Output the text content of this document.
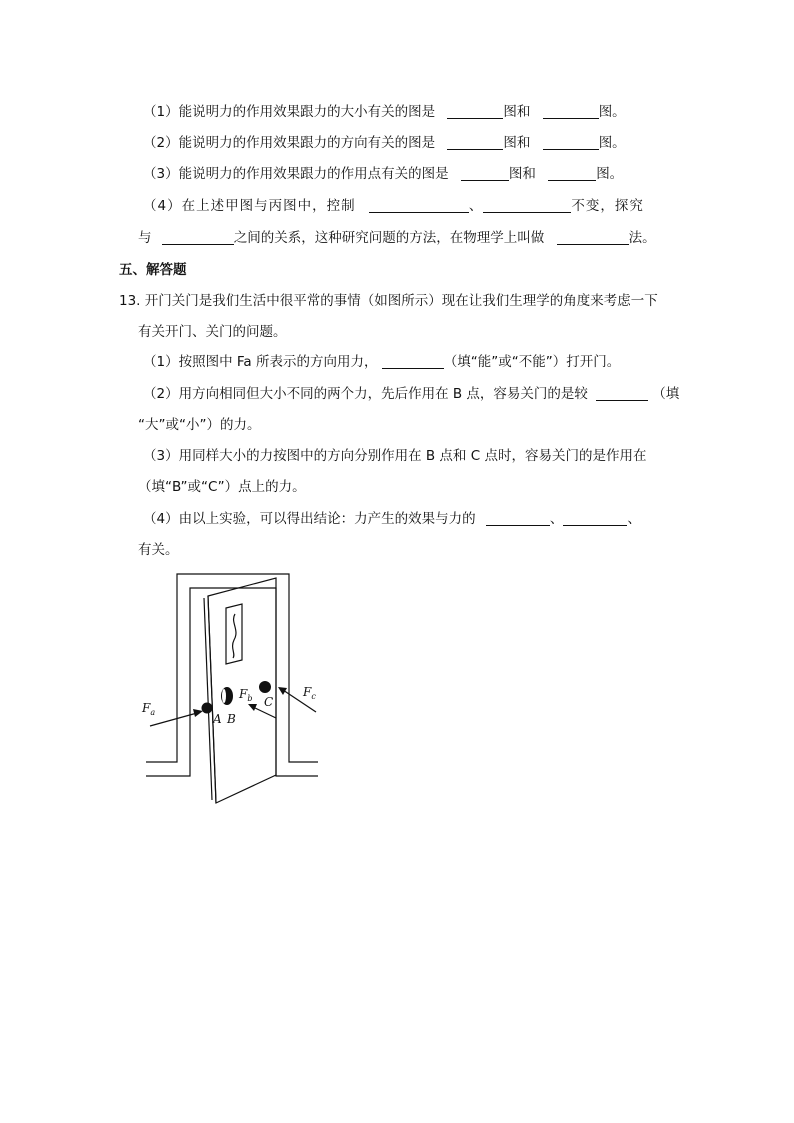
（1）能说明力的作用效果跟力的大小有关的图是	图和	图。
（2）能说明力的作用效果跟力的方向有关的图是	图和	图。
（3）能说明力的作用效果跟力的作用点有关的图是	图和	图。
（4）在上述甲图与丙图中，控制	、	不变，探究
与	之间的关系，这种研究问题的方法，在物理学上叫做	法。
五、解答题
13. 开门关门是我们生活中很平常的事情（如图所示）现在让我们生理学的角度来考虑一下
有关开门、关门的问题。
（1）按照图中 Fa 所表示的方向用力，	（填“能”或“不能”）打开门。
（2）用方向相同但大小不同的两个力，先后作用在 B 点，容易关门的是较	（填
“大”或“小”）的力。
（3）用同样大小的力按图中的方向分别作用在 B 点和 C 点时，容易关门的是作用在
（填“B”或“C”）点上的力。
（4）由以上实验，可以得出结论：力产生的效果与力的	、	、
有关。
$F_a$
$F_b$	$F_c$
A B
C
